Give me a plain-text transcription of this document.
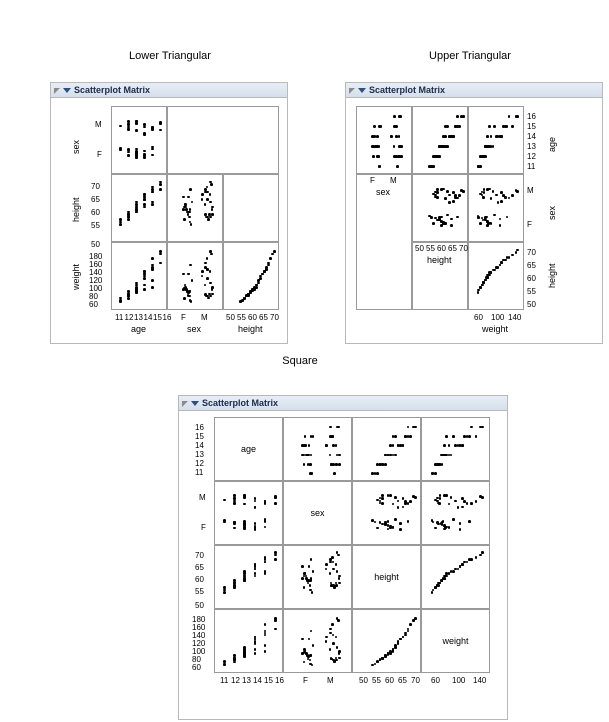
Lower Triangular	Upper Triangular
Square
Scatterplot Matrix
M
F
70
65
60
55
50
180
160
140
120
100
80
60
sex
height
weight
11 12 13 14 15 16 F M 50 55 60 65 70
age	sex	height
Scatterplot Matrix
16
15
14
13
12
11
M
F
70
65
60
55
50
age
sex
height
F M
sex
50 55 60 65 70
height
60 100 140
weight
Scatterplot Matrix
age
sex
height
weight
16
15
14
13
12
11
M
F
70
65
60
55
50
180
160
140
120
100
80
60
11 12 13 14 15 16 F M	50 55 60 65 70 60 100 140
